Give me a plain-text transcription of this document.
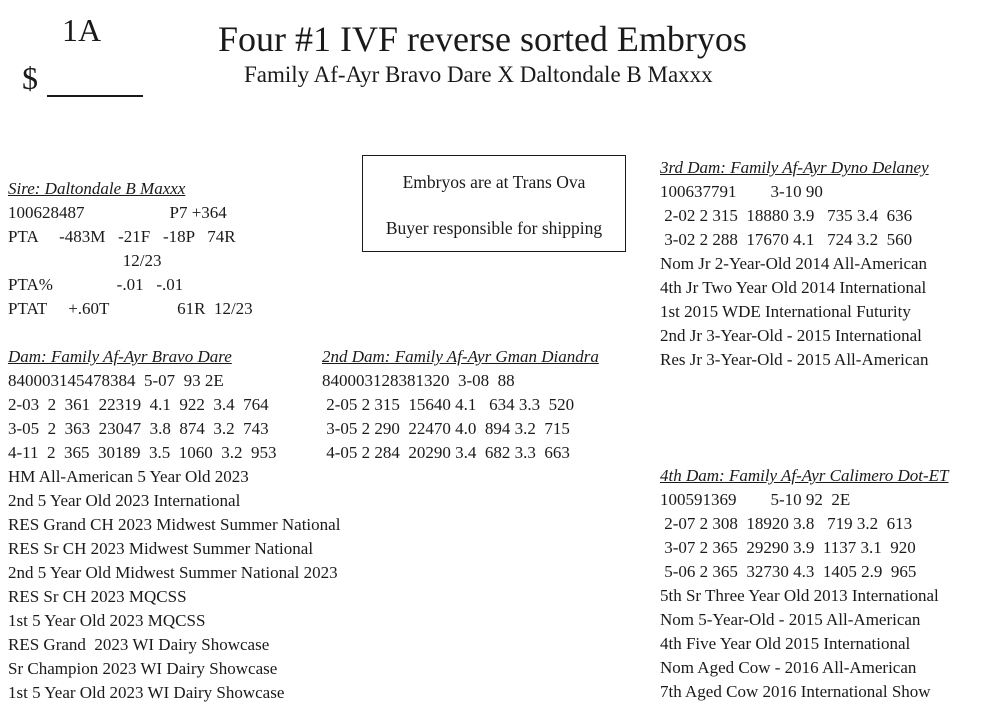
1A
$
Four #1 IVF reverse sorted Embryos
Family Af-Ayr Bravo Dare X Daltondale B Maxxx
Embryos are at Trans Ova
Buyer responsible for shipping
Sire: Daltondale B Maxxx
100628487                    P7 +364
PTA     -483M   -21F   -18P   74R
12/23
PTA%               -.01   -.01
PTAT     +.60T                61R  12/23
Dam: Family Af-Ayr Bravo Dare
840003145478384  5-07  93 2E
2-03  2  361  22319  4.1  922  3.4  764
3-05  2  363  23047  3.8  874  3.2  743
4-11  2  365  30189  3.5  1060  3.2  953
HM All-American 5 Year Old 2023
2nd 5 Year Old 2023 International
RES Grand CH 2023 Midwest Summer National
RES Sr CH 2023 Midwest Summer National
2nd 5 Year Old Midwest Summer National 2023
RES Sr CH 2023 MQCSS
1st 5 Year Old 2023 MQCSS
RES Grand  2023 WI Dairy Showcase
Sr Champion 2023 WI Dairy Showcase
1st 5 Year Old 2023 WI Dairy Showcase
2nd Dam: Family Af-Ayr Gman Diandra
840003128381320  3-08  88
2-05 2 315  15640 4.1   634 3.3  520
3-05 2 290  22470 4.0  894 3.2  715
4-05 2 284  20290 3.4  682 3.3  663
3rd Dam: Family Af-Ayr Dyno Delaney
100637791        3-10 90
2-02 2 315  18880 3.9   735 3.4  636
3-02 2 288  17670 4.1   724 3.2  560
Nom Jr 2-Year-Old 2014 All-American
4th Jr Two Year Old 2014 International
1st 2015 WDE International Futurity
2nd Jr 3-Year-Old - 2015 International
Res Jr 3-Year-Old - 2015 All-American
4th Dam: Family Af-Ayr Calimero Dot-ET
100591369        5-10 92  2E
2-07 2 308  18920 3.8   719 3.2  613
3-07 2 365  29290 3.9  1137 3.1  920
5-06 2 365  32730 4.3  1405 2.9  965
5th Sr Three Year Old 2013 International
Nom 5-Year-Old - 2015 All-American
4th Five Year Old 2015 International
Nom Aged Cow - 2016 All-American
7th Aged Cow 2016 International Show
